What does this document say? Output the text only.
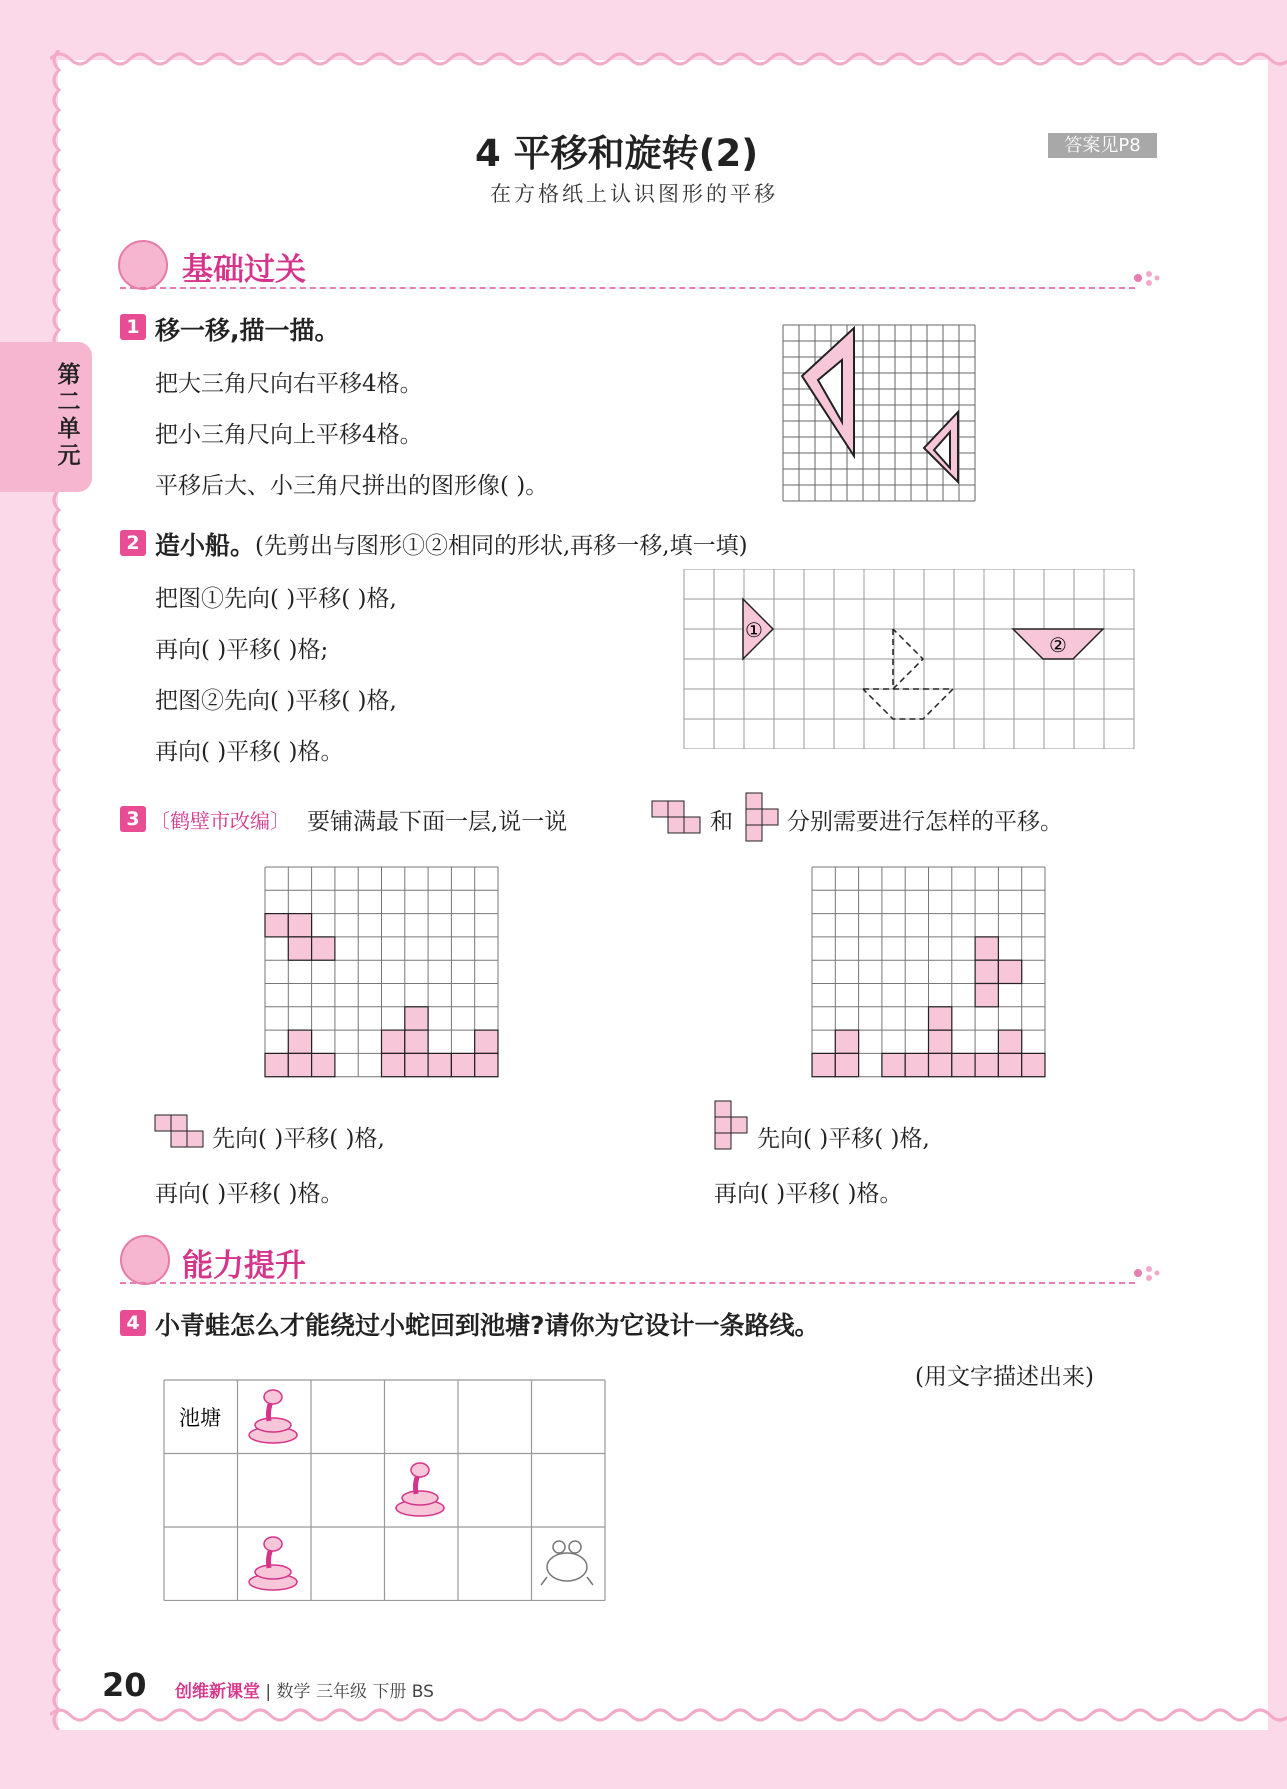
4 平移和旋转(2)
在方格纸上认识图形的平移
答案见P8
第二单元
基础过关
1 移一移,描一描。
把大三角尺向右平移4格。
把小三角尺向上平移4格。
平移后大、小三角尺拼出的图形像( )。
2 造小船。 (先剪出与图形①②相同的形状,再移一移,填一填)
把图①先向( )平移( )格,
再向( )平移( )格;
把图②先向( )平移( )格,
再向( )平移( )格。
①
②
3 〔鹤壁市改编〕 要铺满最下面一层,说一说	和 分别需要进行怎样的平移。
先向( )平移( )格,
再向( )平移( )格。
先向( )平移( )格,
再向( )平移( )格。
能力提升
4 小青蛙怎么才能绕过小蛇回到池塘?请你为它设计一条路线。
(用文字描述出来)
池塘
20 创维新课堂 | 数学 三年级 下册 BS
